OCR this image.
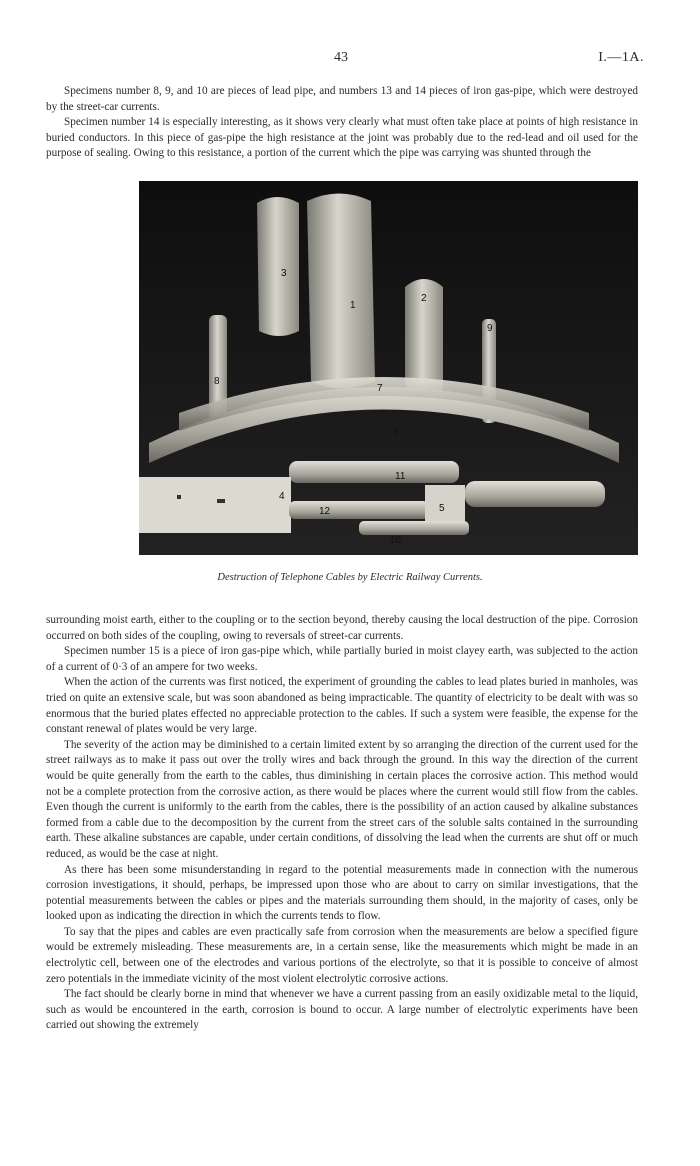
43	I.—1A.

Specimens number 8, 9, and 10 are pieces of lead pipe, and numbers 13 and 14 pieces of iron gas-pipe, which were destroyed by the street-car currents.

Specimen number 14 is especially interesting, as it shows very clearly what must often take place at points of high resistance in buried conductors. In this piece of gas-pipe the high resistance at the joint was probably due to the red-lead and oil used for the purpose of sealing. Owing to this resistance, a portion of the current which the pipe was carrying was shunted through the

3
1
2
9
8
7
6
11
4
12	5
10
Destruction of Telephone Cables by Electric Railway Currents.

surrounding moist earth, either to the coupling or to the section beyond, thereby causing the local destruction of the pipe. Corrosion occurred on both sides of the coupling, owing to reversals of street-car currents.

Specimen number 15 is a piece of iron gas-pipe which, while partially buried in moist clayey earth, was subjected to the action of a current of 0·3 of an ampere for two weeks.

When the action of the currents was first noticed, the experiment of grounding the cables to lead plates buried in manholes, was tried on quite an extensive scale, but was soon abandoned as being impracticable. The quantity of electricity to be dealt with was so enormous that the buried plates effected no appreciable protection to the cables. If such a system were feasible, the expense for the constant renewal of plates would be very large.

The severity of the action may be diminished to a certain limited extent by so arranging the direction of the current used for the street railways as to make it pass out over the trolly wires and back through the ground. In this way the direction of the current would be quite generally from the earth to the cables, thus diminishing in certain places the corrosive action. This method would not be a complete protection from the corrosive action, as there would be places where the current would still flow from the cables. Even though the current is uniformly to the earth from the cables, there is the possibility of an action caused by alkaline substances formed from a cable due to the decomposition by the current from the street cars of the soluble salts contained in the surrounding earth. These alkaline substances are capable, under certain conditions, of dissolving the lead when the currents are shut off or much reduced, as would be the case at night.

As there has been some misunderstanding in regard to the potential measurements made in connection with the numerous corrosion investigations, it should, perhaps, be impressed upon those who are about to carry on similar investigations, that the potential measurements between the cables or pipes and the materials surrounding them should, in the majority of cases, only be looked upon as indicating the direction in which the currents tends to flow.

To say that the pipes and cables are even practically safe from corrosion when the measurements are below a specified figure would be extremely misleading. These measurements are, in a certain sense, like the measurements which might be made in an electrolytic cell, between one of the electrodes and various portions of the electrolyte, so that it is possible to conceive of almost zero potentials in the immediate vicinity of the most violent electrolytic corrosive actions.

The fact should be clearly borne in mind that whenever we have a current passing from an easily oxidizable metal to the liquid, such as would be encountered in the earth, corrosion is bound to occur. A large number of electrolytic experiments have been carried out showing the extremely
